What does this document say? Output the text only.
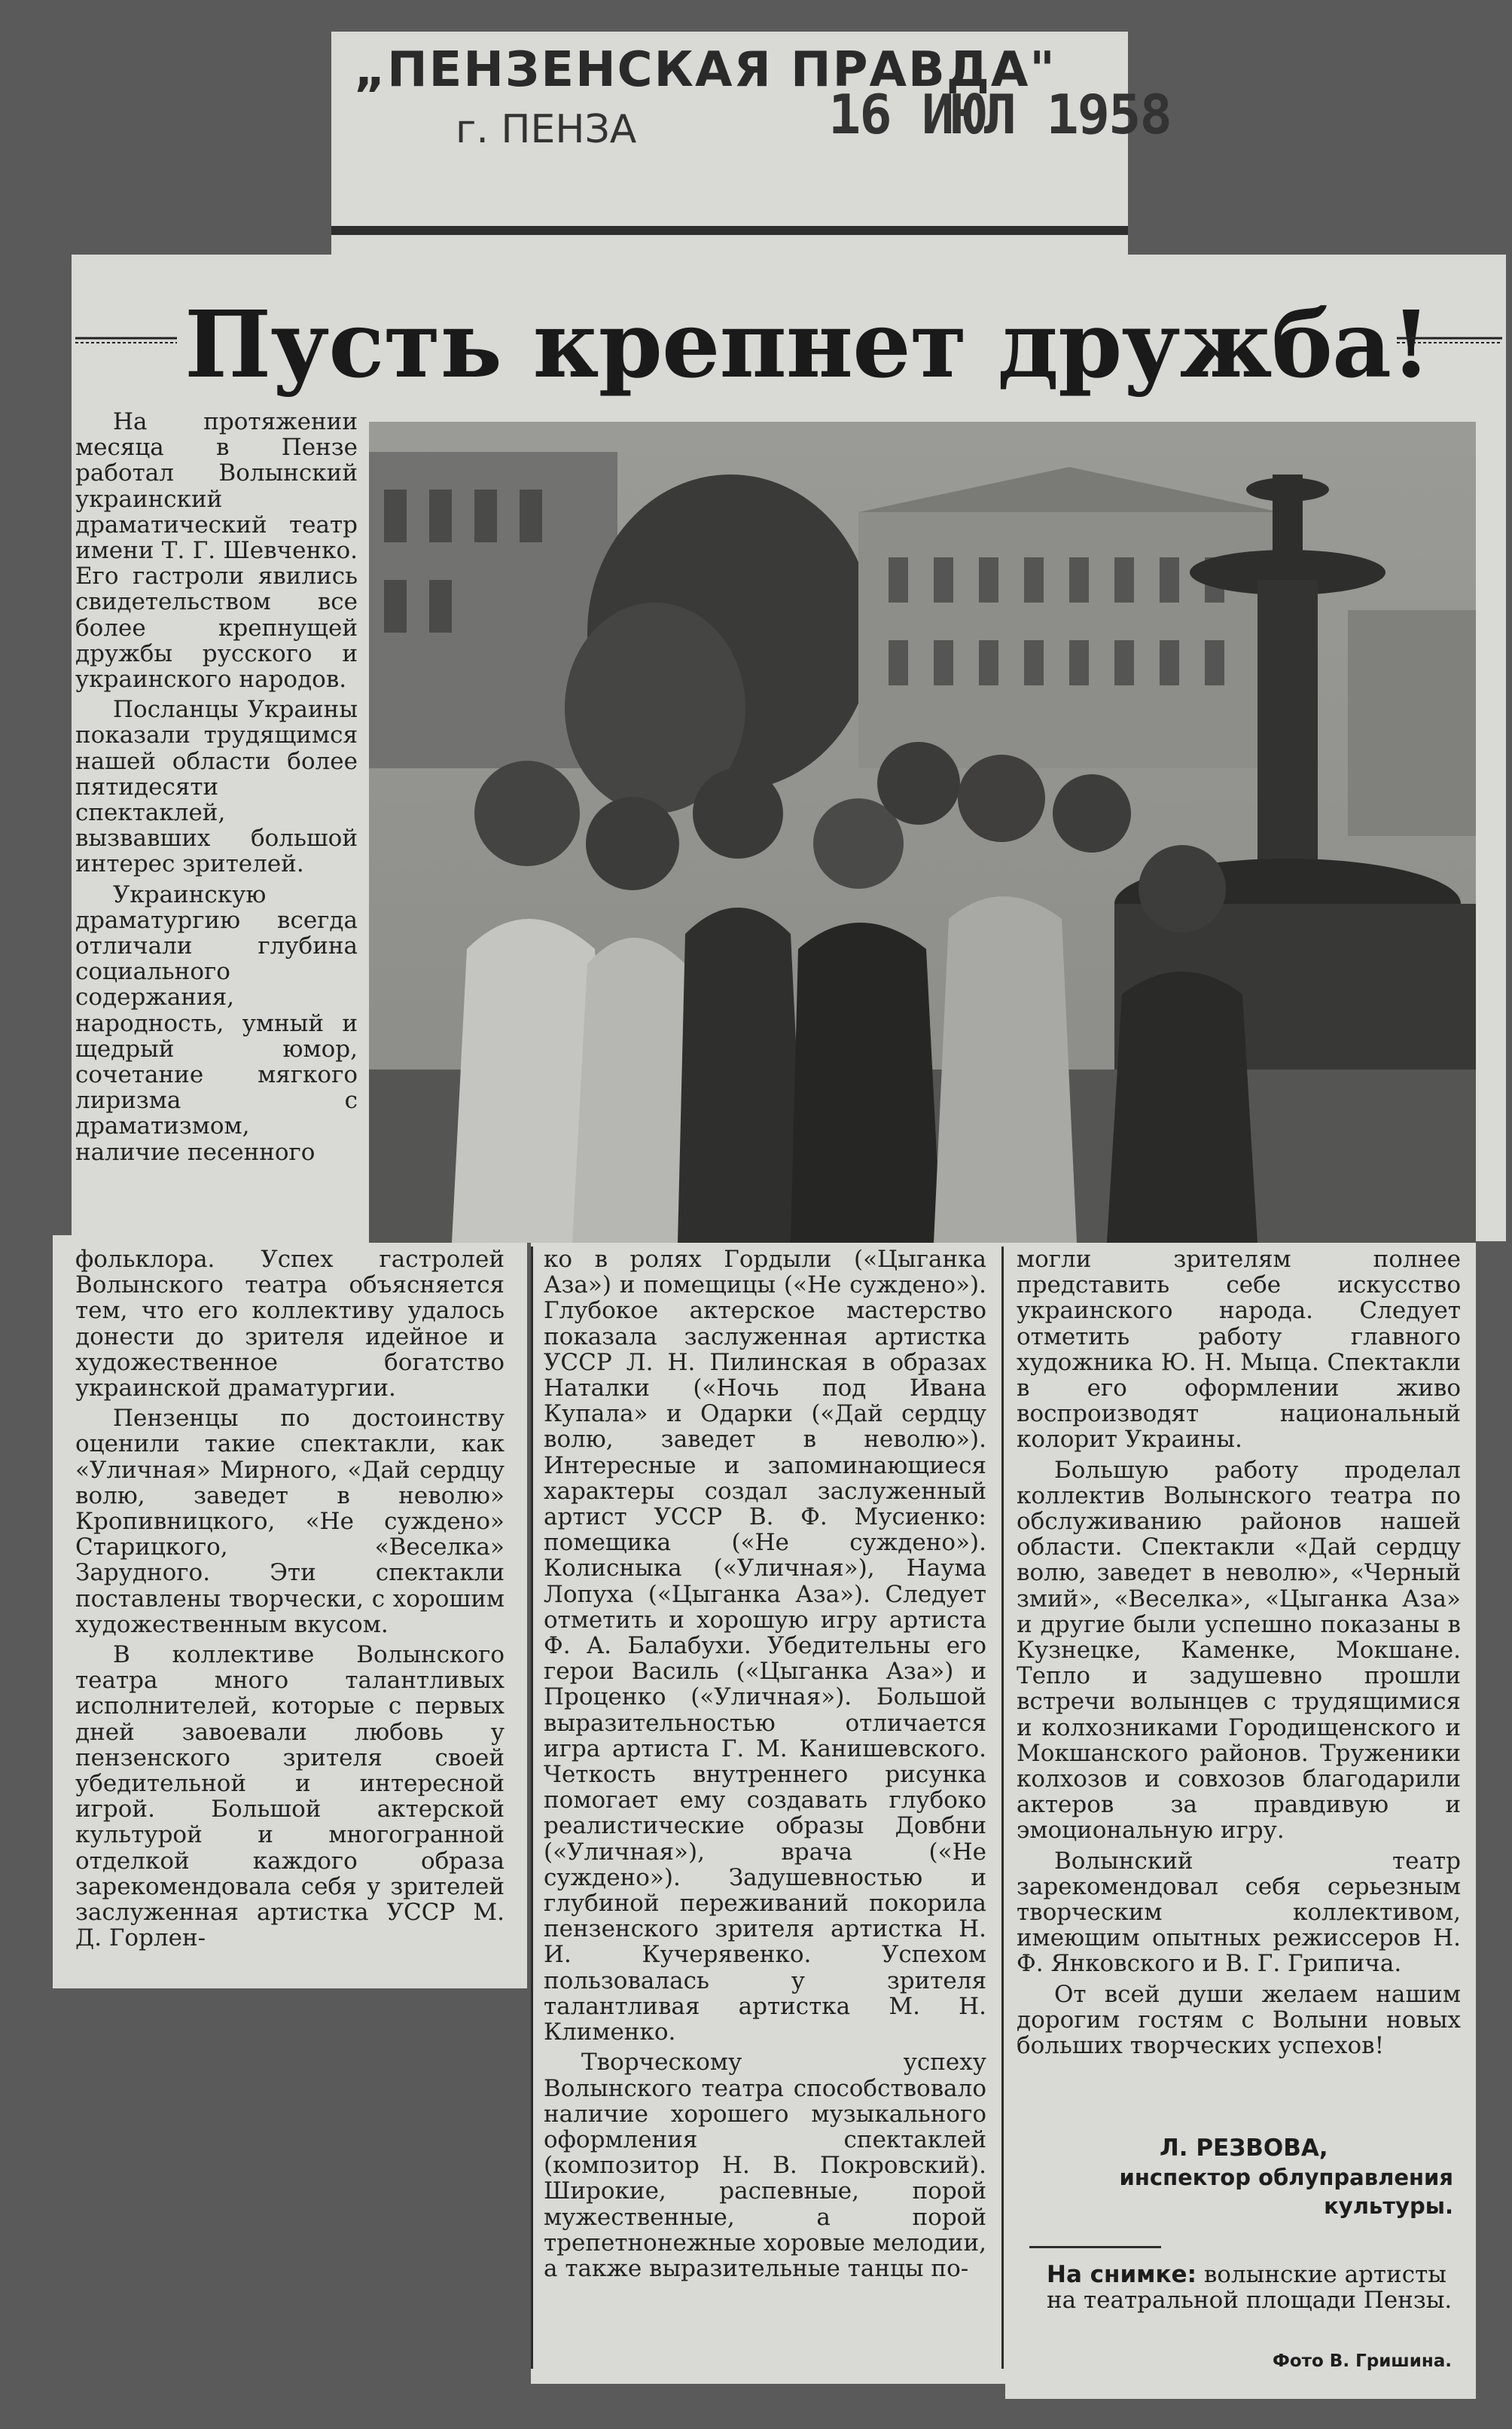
„ПЕНЗЕНСКАЯ ПРАВДА"
г. ПЕНЗА	16 ИЮЛ 1958
Пусть крепнет дружба!

На протяжении месяца в Пензе работал Волынский украинский драматический театр имени Т. Г. Шевченко. Его гастроли явились свидетельством все более крепнущей дружбы русского и украинского народов.

Посланцы Украины показали трудящимся нашей области более пятидесяти спектаклей, вызвавших большой интерес зрителей.

Украинскую драматургию всегда отличали глубина социального содержания, народность, умный и щедрый юмор, сочетание мягкого лиризма с драматизмом, наличие песенного

фольклора. Успех гастролей Волынского театра объясняется тем, что его коллективу удалось донести до зрителя идейное и художественное богатство украинской драматургии.

Пензенцы по достоинству оценили такие спектакли, как «Уличная» Мирного, «Дай сердцу волю, заведет в неволю» Кропивницкого, «Не суждено» Старицкого, «Веселка» Зарудного. Эти спектакли поставлены творчески, с хорошим художественным вкусом.

В коллективе Волынского театра много талантливых исполнителей, которые с первых дней завоевали любовь у пензенского зрителя своей убедительной и интересной игрой. Большой актерской культурой и многогранной отделкой каждого образа зарекомендовала себя у зрителей заслуженная артистка УССР М. Д. Горлен-

ко в ролях Гордыли («Цыганка Аза») и помещицы («Не суждено»). Глубокое актерское мастерство показала заслуженная артистка УССР Л. Н. Пилинская в образах Наталки («Ночь под Ивана Купала» и Одарки («Дай сердцу волю, заведет в неволю»). Интересные и запоминающиеся характеры создал заслуженный артист УССР В. Ф. Мусиенко: помещика («Не суждено»). Колисныка («Уличная»), Наума Лопуха («Цыганка Аза»). Следует отметить и хорошую игру артиста Ф. А. Балабухи. Убедительны его герои Василь («Цыганка Аза») и Проценко («Уличная»). Большой выразительностью отличается игра артиста Г. М. Канишевского. Четкость внутреннего рисунка помогает ему создавать глубоко реалистические образы Довбни («Уличная»), врача («Не суждено»). Задушевностью и глубиной переживаний покорила пензенского зрителя артистка Н. И. Кучерявенко. Успехом пользовалась у зрителя талантливая артистка М. Н. Клименко.

Творческому успеху Волынского театра способствовало наличие хорошего музыкального оформления спектаклей (композитор Н. В. Покровский). Широкие, распевные, порой мужественные, а порой трепетнонежные хоровые мелодии, а также выразительные танцы по-

могли зрителям полнее представить себе искусство украинского народа. Следует отметить работу главного художника Ю. Н. Мыца. Спектакли в его оформлении живо воспроизводят национальный колорит Украины.

Большую работу проделал коллектив Волынского театра по обслуживанию районов нашей области. Спектакли «Дай сердцу волю, заведет в неволю», «Черный змий», «Веселка», «Цыганка Аза» и другие были успешно показаны в Кузнецке, Каменке, Мокшане. Тепло и задушевно прошли встречи волынцев с трудящимися и колхозниками Городищенского и Мокшанского районов. Труженики колхозов и совхозов благодарили актеров за правдивую и эмоциональную игру.

Волынский театр зарекомендовал себя серьезным творческим коллективом, имеющим опытных режиссеров Н. Ф. Янковского и В. Г. Грипича.

От всей души желаем нашим дорогим гостям с Волыни новых больших творческих успехов!

Л. РЕЗВОВА,
инспектор облуправления культуры.
На снимке: волынские артисты на театральной площади Пензы.
Фото В. Гришина.
